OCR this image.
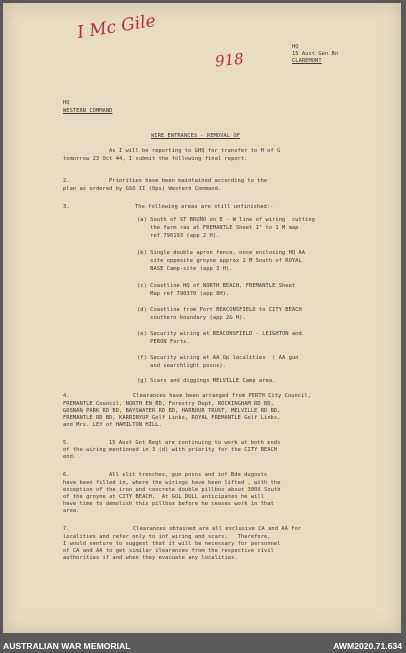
I Mc Gile
918
HQ
15 Aust Gen Bn
CLAREMONT
HQ
WESTERN COMMAND
WIRE ENTRANCES - REMOVAL OF
As I will be reporting to GHQ for transfer to H of G
tomorrow 23 Oct 44, I submit the following final report.
2.	Priorities have been maintained according to the
plan as ordered by GSO II (Ops) Western Command.
3.	The following areas are still unfinished:-
(a) South of ST BRUNO on E - W line of wiring  cutting
the farm ras at FREMANTLE Sheet 1" to 1 M map
ref 790193 (app 2 H).
(b) Single double apron fence, once enclosing HQ AA
site opposite groyne approx 2 M South of ROYAL
BASE Camp-site (app 3 H).
(c) Coastline HQ of NORTH BEACH, FREMANTLE Sheet
Map ref 790370 (app 8H).
(d) Coastline from Port BEACONSFIELD to CITY BEACH
southern boundary (app 2& H).
(e) Security wiring at BEACONSFIELD - LEIGHTON and
PERON Forts.
(f) Security wiring at AA Op localities  ( AA gun
and searchlight posns).
(g) Scars and diggings MELVILLE Camp area.
4.	Clearances have been arranged from PERTH City Council,
FREMANTLE Council, NORTH EN BD, Forestry Dept, ROCKINGHAM RD BD,
GOSNAN PARK RD BD, BAYSWATER RD BD, HARBOUR TRUST, MELVILLE RD BD,
FREMANTLE RD BD, KARRINYUP Golf Links, ROYAL FREMANTLE Golf Links,
and Mrs. LEY of HAMILTON HILL.
5.	15 Aust Gnt Regt are continuing to work at both ends
of the wiring mentioned in 3 (d) with priority for the CITY BEACH
end.
6.	All slit trenches, gun posns and inf Bde dugouts
have been filled in, where the wirings have been lifted , with the
exception of the iron and concrete double pillbox about 300X South
of the groyne at CITY BEACH.  At GOL DULL anticipates he will
have time to demolish this pillbox before he ceases work in that
area.
7.	Clearances obtained are all exclusive CA and AA for
localities and refer only to inf wiring and scars.   Therefore,
I would venture to suggest that it will be necessary for personnel
of CA and AA to get similar clearances from the respective civil
authorities if and when they evacuate any localities.
AUSTRALIAN WAR MEMORIAL	AWM2020.71.634
